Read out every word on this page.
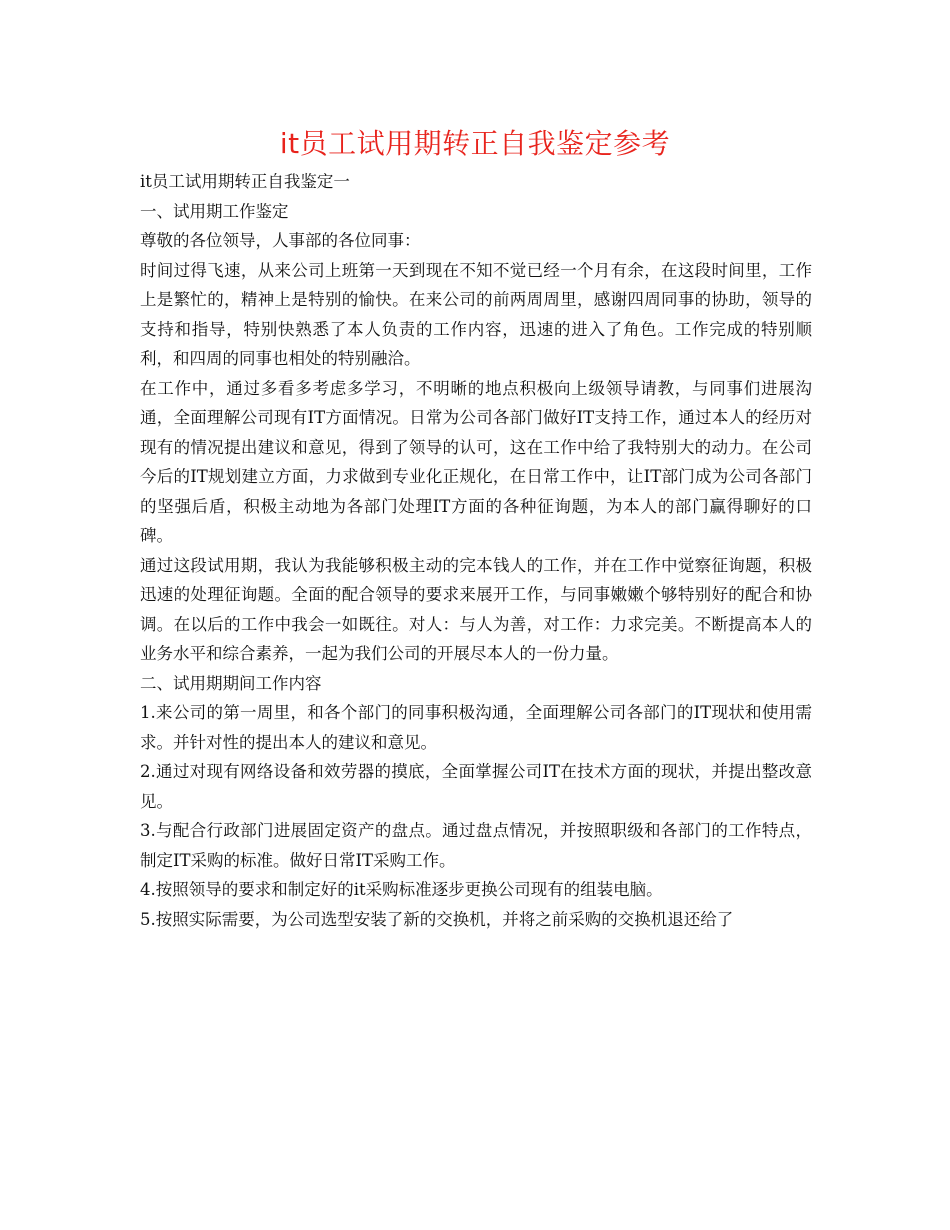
it员工试用期转正自我鉴定参考

it员工试用期转正自我鉴定一

一、试用期工作鉴定

尊敬的各位领导，人事部的各位同事：

时间过得飞速，从来公司上班第一天到现在不知不觉已经一个月有余，在这段时间里，工作上是繁忙的，精神上是特别的愉快。在来公司的前两周周里，感谢四周同事的协助，领导的支持和指导，特别快熟悉了本人负责的工作内容，迅速的进入了角色。工作完成的特别顺利，和四周的同事也相处的特别融洽。

在工作中，通过多看多考虑多学习，不明晰的地点积极向上级领导请教，与同事们进展沟通，全面理解公司现有IT方面情况。日常为公司各部门做好IT支持工作，通过本人的经历对现有的情况提出建议和意见，得到了领导的认可，这在工作中给了我特别大的动力。在公司今后的IT规划建立方面，力求做到专业化正规化，在日常工作中，让IT部门成为公司各部门的坚强后盾，积极主动地为各部门处理IT方面的各种征询题，为本人的部门赢得聊好的口碑。

通过这段试用期，我认为我能够积极主动的完本钱人的工作，并在工作中觉察征询题，积极迅速的处理征询题。全面的配合领导的要求来展开工作，与同事嫩嫩个够特别好的配合和协调。在以后的工作中我会一如既往。对人：与人为善，对工作：力求完美。不断提高本人的业务水平和综合素养，一起为我们公司的开展尽本人的一份力量。

二、试用期期间工作内容

1.来公司的第一周里，和各个部门的同事积极沟通，全面理解公司各部门的IT现状和使用需求。并针对性的提出本人的建议和意见。

2.通过对现有网络设备和效劳器的摸底，全面掌握公司IT在技术方面的现状，并提出整改意见。

3.与配合行政部门进展固定资产的盘点。通过盘点情况，并按照职级和各部门的工作特点，制定IT采购的标准。做好日常IT采购工作。

4.按照领导的要求和制定好的it采购标准逐步更换公司现有的组装电脑。

5.按照实际需要，为公司选型安装了新的交换机，并将之前采购的交换机退还给了
